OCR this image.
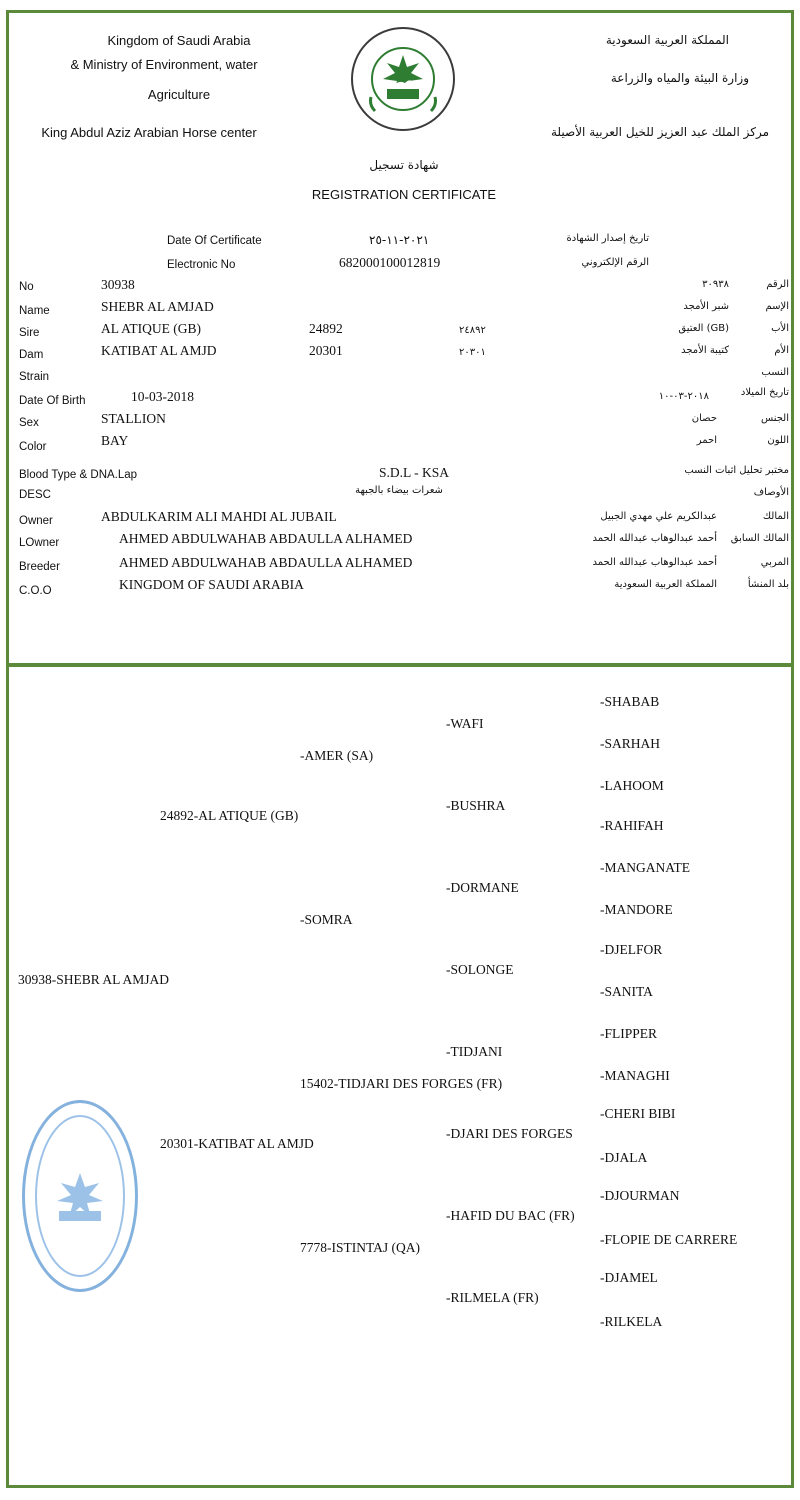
Kingdom of Saudi Arabia
& Ministry of Environment, water
Agriculture
King Abdul Aziz Arabian Horse center
المملكة العربية السعودية
وزارة البيئة والمياه والزراعة
مركز الملك عبد العزيز للخيل العربية الأصيلة
شهادة تسجيل
REGISTRATION CERTIFICATE
Date Of Certificate	٢٠٢١-١١-٢٥	تاريخ إصدار الشهادة
Electronic No	682000100012819	الرقم الإلكتروني
No	30938	٣٠٩٣٨	الرقم
Name	SHEBR AL AMJAD	شبر الأمجد	الإسم
Sire	AL ATIQUE (GB)	24892	٢٤٨٩٢	(GB) العتيق	الأب
Dam	KATIBAT AL AMJD	20301	٢٠٣٠١	كتيبة الأمجد	الأم
Strain	النسب
Date Of Birth	10-03-2018	٢٠١٨-٠٣-١٠	تاريخ الميلاد
Sex	STALLION	حصان	الجنس
Color	BAY	احمر	اللون
Blood Type & DNA.Lap	S.D.L - KSA	مختبر تحليل اثبات النسب
DESC	شعرات بيضاء بالجبهة	الأوصاف
Owner	ABDULKARIM ALI MAHDI AL JUBAIL	عبدالكريم علي مهدي الجبيل	المالك
LOwner	AHMED ABDULWAHAB ABDAULLA ALHAMED	أحمد عبدالوهاب عبدالله الحمد	المالك السابق
Breeder	AHMED ABDULWAHAB ABDAULLA ALHAMED	أحمد عبدالوهاب عبدالله الحمد	المربي
C.O.O	KINGDOM OF SAUDI ARABIA	المملكة العربية السعودية	بلد المنشأ
30938-SHEBR AL AMJAD
24892-AL ATIQUE (GB)
20301-KATIBAT AL AMJD
-AMER (SA)
-SOMRA
15402-TIDJARI DES FORGES (FR)
7778-ISTINTAJ (QA)
-WAFI
-BUSHRA
-DORMANE
-SOLONGE
-TIDJANI
-DJARI DES FORGES
-HAFID DU BAC (FR)
-RILMELA (FR)
-SHABAB
-SARHAH
-LAHOOM
-RAHIFAH
-MANGANATE
-MANDORE
-DJELFOR
-SANITA
-FLIPPER
-MANAGHI
-CHERI BIBI
-DJALA
-DJOURMAN
-FLOPIE DE CARRERE
-DJAMEL
-RILKELA
